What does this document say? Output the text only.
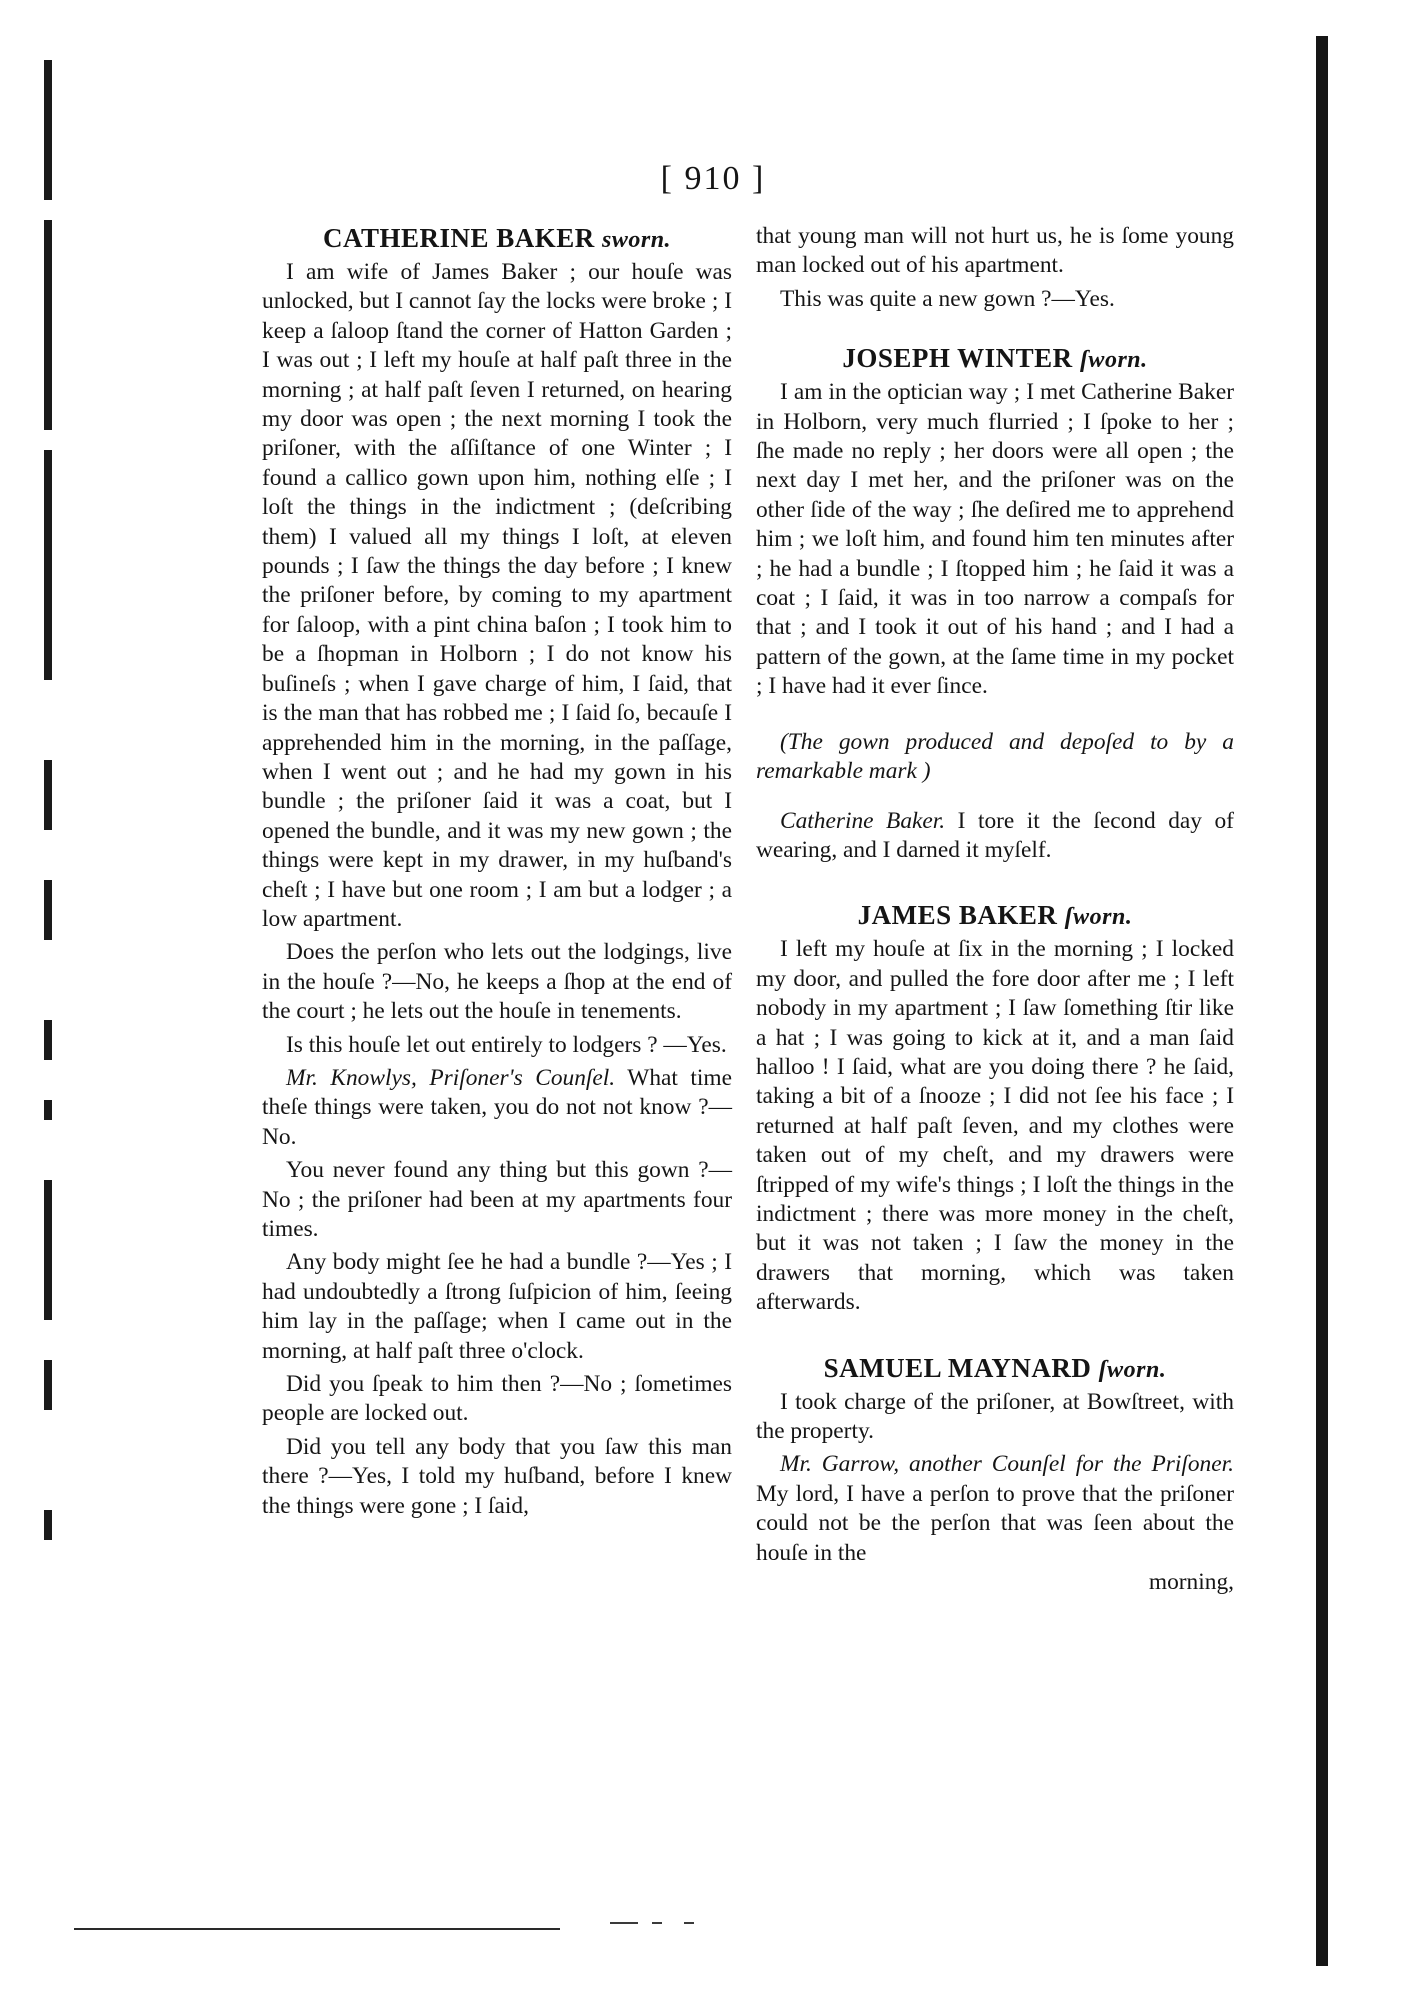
[ 910 ]
CATHERINE BAKER sworn.

I am wife of James Baker ; our houſe was unlocked, but I cannot ſay the locks were broke ; I keep a ſaloop ſtand the corner of Hatton Garden ; I was out ; I left my houſe at half paſt three in the morning ; at half paſt ſeven I returned, on hearing my door was open ; the next morning I took the priſoner, with the aſſiſtance of one Winter ; I found a callico gown upon him, nothing elſe ; I loſt the things in the indictment ; (deſcribing them) I valued all my things I loſt, at eleven pounds ; I ſaw the things the day before ; I knew the priſoner before, by coming to my apartment for ſaloop, with a pint china baſon ; I took him to be a ſhopman in Holborn ; I do not know his buſineſs ; when I gave charge of him, I ſaid, that is the man that has robbed me ; I ſaid ſo, becauſe I apprehended him in the morning, in the paſſage, when I went out ; and he had my gown in his bundle ; the priſoner ſaid it was a coat, but I opened the bundle, and it was my new gown ; the things were kept in my drawer, in my huſband's cheſt ; I have but one room ; I am but a lodger ; a low apartment.

Does the perſon who lets out the lodgings, live in the houſe ?—No, he keeps a ſhop at the end of the court ; he lets out the houſe in tenements.

Is this houſe let out entirely to lodgers ? —Yes.

Mr. Knowlys, Priſoner's Counſel. What time theſe things were taken, you do not not know ?—No.

You never found any thing but this gown ?—No ; the priſoner had been at my apartments four times.

Any body might ſee he had a bundle ?—Yes ; I had undoubtedly a ſtrong ſuſpicion of him, ſeeing him lay in the paſſage; when I came out in the morning, at half paſt three o'clock.

Did you ſpeak to him then ?—No ; ſometimes people are locked out.

Did you tell any body that you ſaw this man there ?—Yes, I told my huſband, before I knew the things were gone ; I ſaid,

that young man will not hurt us, he is ſome young man locked out of his apartment.

This was quite a new gown ?—Yes.

JOSEPH WINTER ſworn.

I am in the optician way ; I met Catherine Baker in Holborn, very much flurried ; I ſpoke to her ; ſhe made no reply ; her doors were all open ; the next day I met her, and the priſoner was on the other ſide of the way ; ſhe deſired me to apprehend him ; we loſt him, and found him ten minutes after ; he had a bundle ; I ſtopped him ; he ſaid it was a coat ; I ſaid, it was in too narrow a compaſs for that ; and I took it out of his hand ; and I had a pattern of the gown, at the ſame time in my pocket ; I have had it ever ſince.

(The gown produced and depoſed to by a remarkable mark )

Catherine Baker. I tore it the ſecond day of wearing, and I darned it myſelf.

JAMES BAKER ſworn.

I left my houſe at ſix in the morning ; I locked my door, and pulled the fore door after me ; I left nobody in my apartment ; I ſaw ſomething ſtir like a hat ; I was going to kick at it, and a man ſaid halloo ! I ſaid, what are you doing there ? he ſaid, taking a bit of a ſnooze ; I did not ſee his face ; I returned at half paſt ſeven, and my clothes were taken out of my cheſt, and my drawers were ſtripped of my wife's things ; I loſt the things in the indictment ; there was more money in the cheſt, but it was not taken ; I ſaw the money in the drawers that morning, which was taken afterwards.

SAMUEL MAYNARD ſworn.

I took charge of the priſoner, at Bowſtreet, with the property.

Mr. Garrow, another Counſel for the Priſoner. My lord, I have a perſon to prove that the priſoner could not be the perſon that was ſeen about the houſe in the

morning,
